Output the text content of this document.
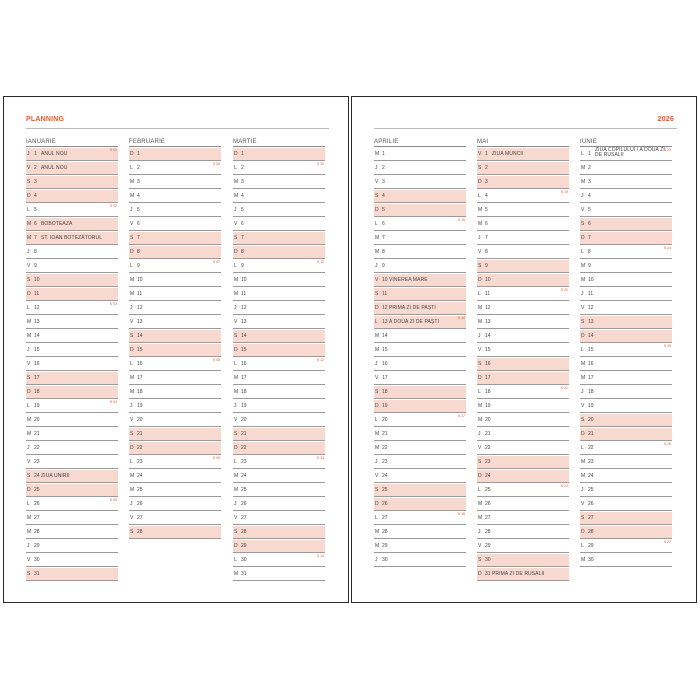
PLANNING
IANUARIE
J 1 ANUL NOU
S 01
V 2 ANUL NOU
S 3
D 4
L 5
S 02
M 6 BOBOTEAZA
M 7 ST. IOAN BOTEZĂTORUL
J 8
V 9
S 10
D 11
L 12
S 03
M 13
M 14
J 15
V 16
S 17
D 18
L 19
S 04
M 20
M 21
J 22
V 23
S 24 ZIUA UNIRII
D 25
L 26
S 05
M 27
M 28
J 29
V 30
S 31
FEBRUARIE
D 1
L 2
S 06
M 3
M 4
J 5
V 6
S 7
D 8
L 9
S 07
M 10
M 11
J 12
V 13
S 14
D 15
L 16
S 08
M 17
M 18
J 19
V 20
S 21
D 22
L 23
S 09
M 24
M 25
J 26
V 27
S 28
MARTIE
D 1
L 2
S 10
M 3
M 4
J 5
V 6
S 7
D 8
L 9
S 11
M 10
M 11
J 12
V 13
S 14
D 15
L 16
S 12
M 17
M 18
J 19
V 20
S 21
D 22
L 23
S 13
M 24
M 25
J 26
V 27
S 28
D 29
L 30
S 14
M 31
2026
APRILIE
M 1
J 2
V 3
S 4
D 5
L 6
S 15
M 7
M 8
J 9
V 10 VINEREA MARE
S 11
D 12 PRIMA ZI DE PAȘTI
L 13 A DOUA ZI DE PAȘTI
S 16
M 14
M 15
J 16
V 17
S 18
D 19
L 20
S 17
M 21
M 22
J 23
V 24
S 25
D 26
L 27
S 18
M 28
M 29
J 30
MAI
V 1 ZIUA MUNCII
S 2
D 3
L 4
S 19
M 5
M 6
J 7
V 8
S 9
D 10
L 11
S 20
M 12
M 13
J 14
V 15
S 16
D 17
L 18
S 21
M 19
M 20
J 21
V 22
S 23
D 24
L 25
S 22
M 26
M 27
J 28
V 29
S 30
D 31 PRIMA ZI DE RUSALII
IUNIE
L 1
ZIUA COPILULUI / A DOUA ZI DE RUSALII
S 23
M 2
M 3
J 4
V 5
S 6
D 7
L 8
S 24
M 9
M 10
J 11
V 12
S 13
D 14
L 15
S 25
M 16
M 17
J 18
V 19
S 20
D 21
L 22
S 26
M 23
M 24
J 25
V 26
S 27
D 28
L 29
S 27
M 30
